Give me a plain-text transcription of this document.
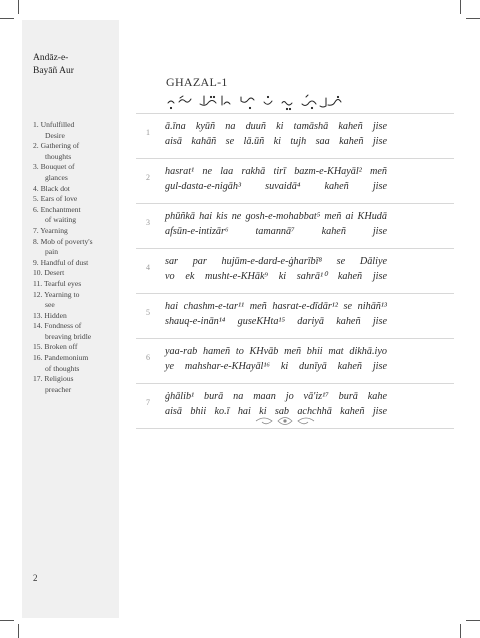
Andāz-e-
Bayāñ Aur
1. Unfulfilled
Desire
2. Gathering of
thoughts
3. Bouquet of
glances
4. Black dot
5. Ears of love
6. Enchantment
of waiting
7. Yearning
8. Mob of poverty's
pain
9. Handful of dust
10. Desert
11. Tearful eyes
12. Yearning to
see
13. Hidden
14. Fondness of
breaving bridle
15. Broken off
16. Pandemonium
of thoughts
17. Religious
preacher
2
GHAZAL-1
1
ā.īna kyūñ na duuñ ki tamāshā kaheñ jise
aisā kahāñ se lā.ūñ ki tujh saa kaheñ jise
2
hasrat¹ ne laa rakhā tirī bazm-e-KHayāl² meñ
gul-dasta-e-nigāh³ suvaidā⁴ kaheñ jise
3
phūñkā hai kis ne gosh-e-mohabbat⁵ meñ ai KHudā
afsūn-e-intizār⁶ tamannā⁷ kaheñ jise
4
sar par hujūm-e-dard-e-ġharībī⁸ se Dāliye
vo ek musht-e-KHāk⁹ ki sahrā¹⁰ kaheñ jise
5
hai chashm-e-tar¹¹ meñ hasrat-e-dīdār¹² se nihāñ¹³
shauq-e-inān¹⁴ guseKHta¹⁵ dariyā kaheñ jise
6
yaa-rab hameñ to KHvāb meñ bhii mat dikhā.iyo
ye mahshar-e-KHayāl¹⁶ ki dunīyā kaheñ jise
7
ġhālib¹ burā na maan jo vā'iz¹⁷ burā kahe
aisā bhii ko.ī hai ki sab achchhā kaheñ jise
